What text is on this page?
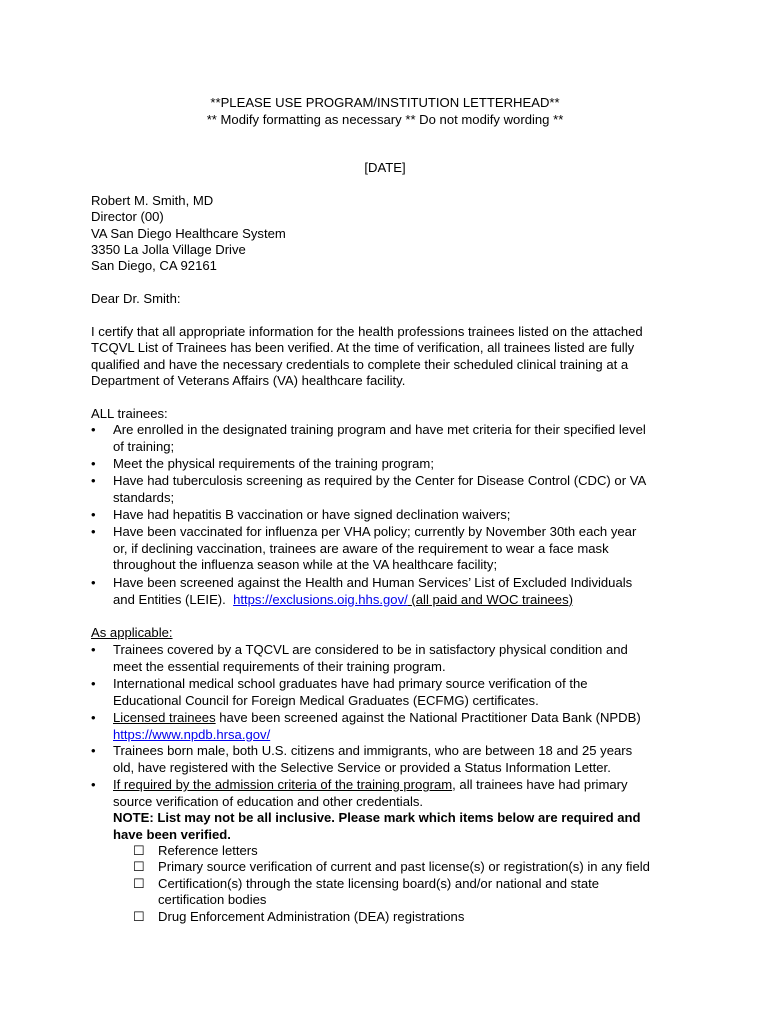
**PLEASE USE PROGRAM/INSTITUTION LETTERHEAD**
** Modify formatting as necessary ** Do not modify wording **
[DATE]
Robert M. Smith, MD
Director (00)
VA San Diego Healthcare System
3350 La Jolla Village Drive
San Diego, CA 92161
Dear Dr. Smith:
I certify that all appropriate information for the health professions trainees listed on the attached
TCQVL List of Trainees has been verified. At the time of verification, all trainees listed are fully
qualified and have the necessary credentials to complete their scheduled clinical training at a
Department of Veterans Affairs (VA) healthcare facility.
ALL trainees:
•	Are enrolled in the designated training program and have met criteria for their specified level
of training;
•	Meet the physical requirements of the training program;
•	Have had tuberculosis screening as required by the Center for Disease Control (CDC) or VA
standards;
•	Have had hepatitis B vaccination or have signed declination waivers;
•	Have been vaccinated for influenza per VHA policy; currently by November 30th each year
or, if declining vaccination, trainees are aware of the requirement to wear a face mask
throughout the influenza season while at the VA healthcare facility;
•	Have been screened against the Health and Human Services’ List of Excluded Individuals
and Entities (LEIE).  https://exclusions.oig.hhs.gov/ (all paid and WOC trainees)
As applicable:
•	Trainees covered by a TQCVL are considered to be in satisfactory physical condition and
meet the essential requirements of their training program.
•	International medical school graduates have had primary source verification of the
Educational Council for Foreign Medical Graduates (ECFMG) certificates.
•	Licensed trainees have been screened against the National Practitioner Data Bank (NPDB)
https://www.npdb.hrsa.gov/
•	Trainees born male, both U.S. citizens and immigrants, who are between 18 and 25 years
old, have registered with the Selective Service or provided a Status Information Letter.
•	If required by the admission criteria of the training program, all trainees have had primary
source verification of education and other credentials.
NOTE: List may not be all inclusive. Please mark which items below are required and
have been verified.
☐ Reference letters
☐ Primary source verification of current and past license(s) or registration(s) in any field
☐ Certification(s) through the state licensing board(s) and/or national and state
certification bodies
☐ Drug Enforcement Administration (DEA) registrations
